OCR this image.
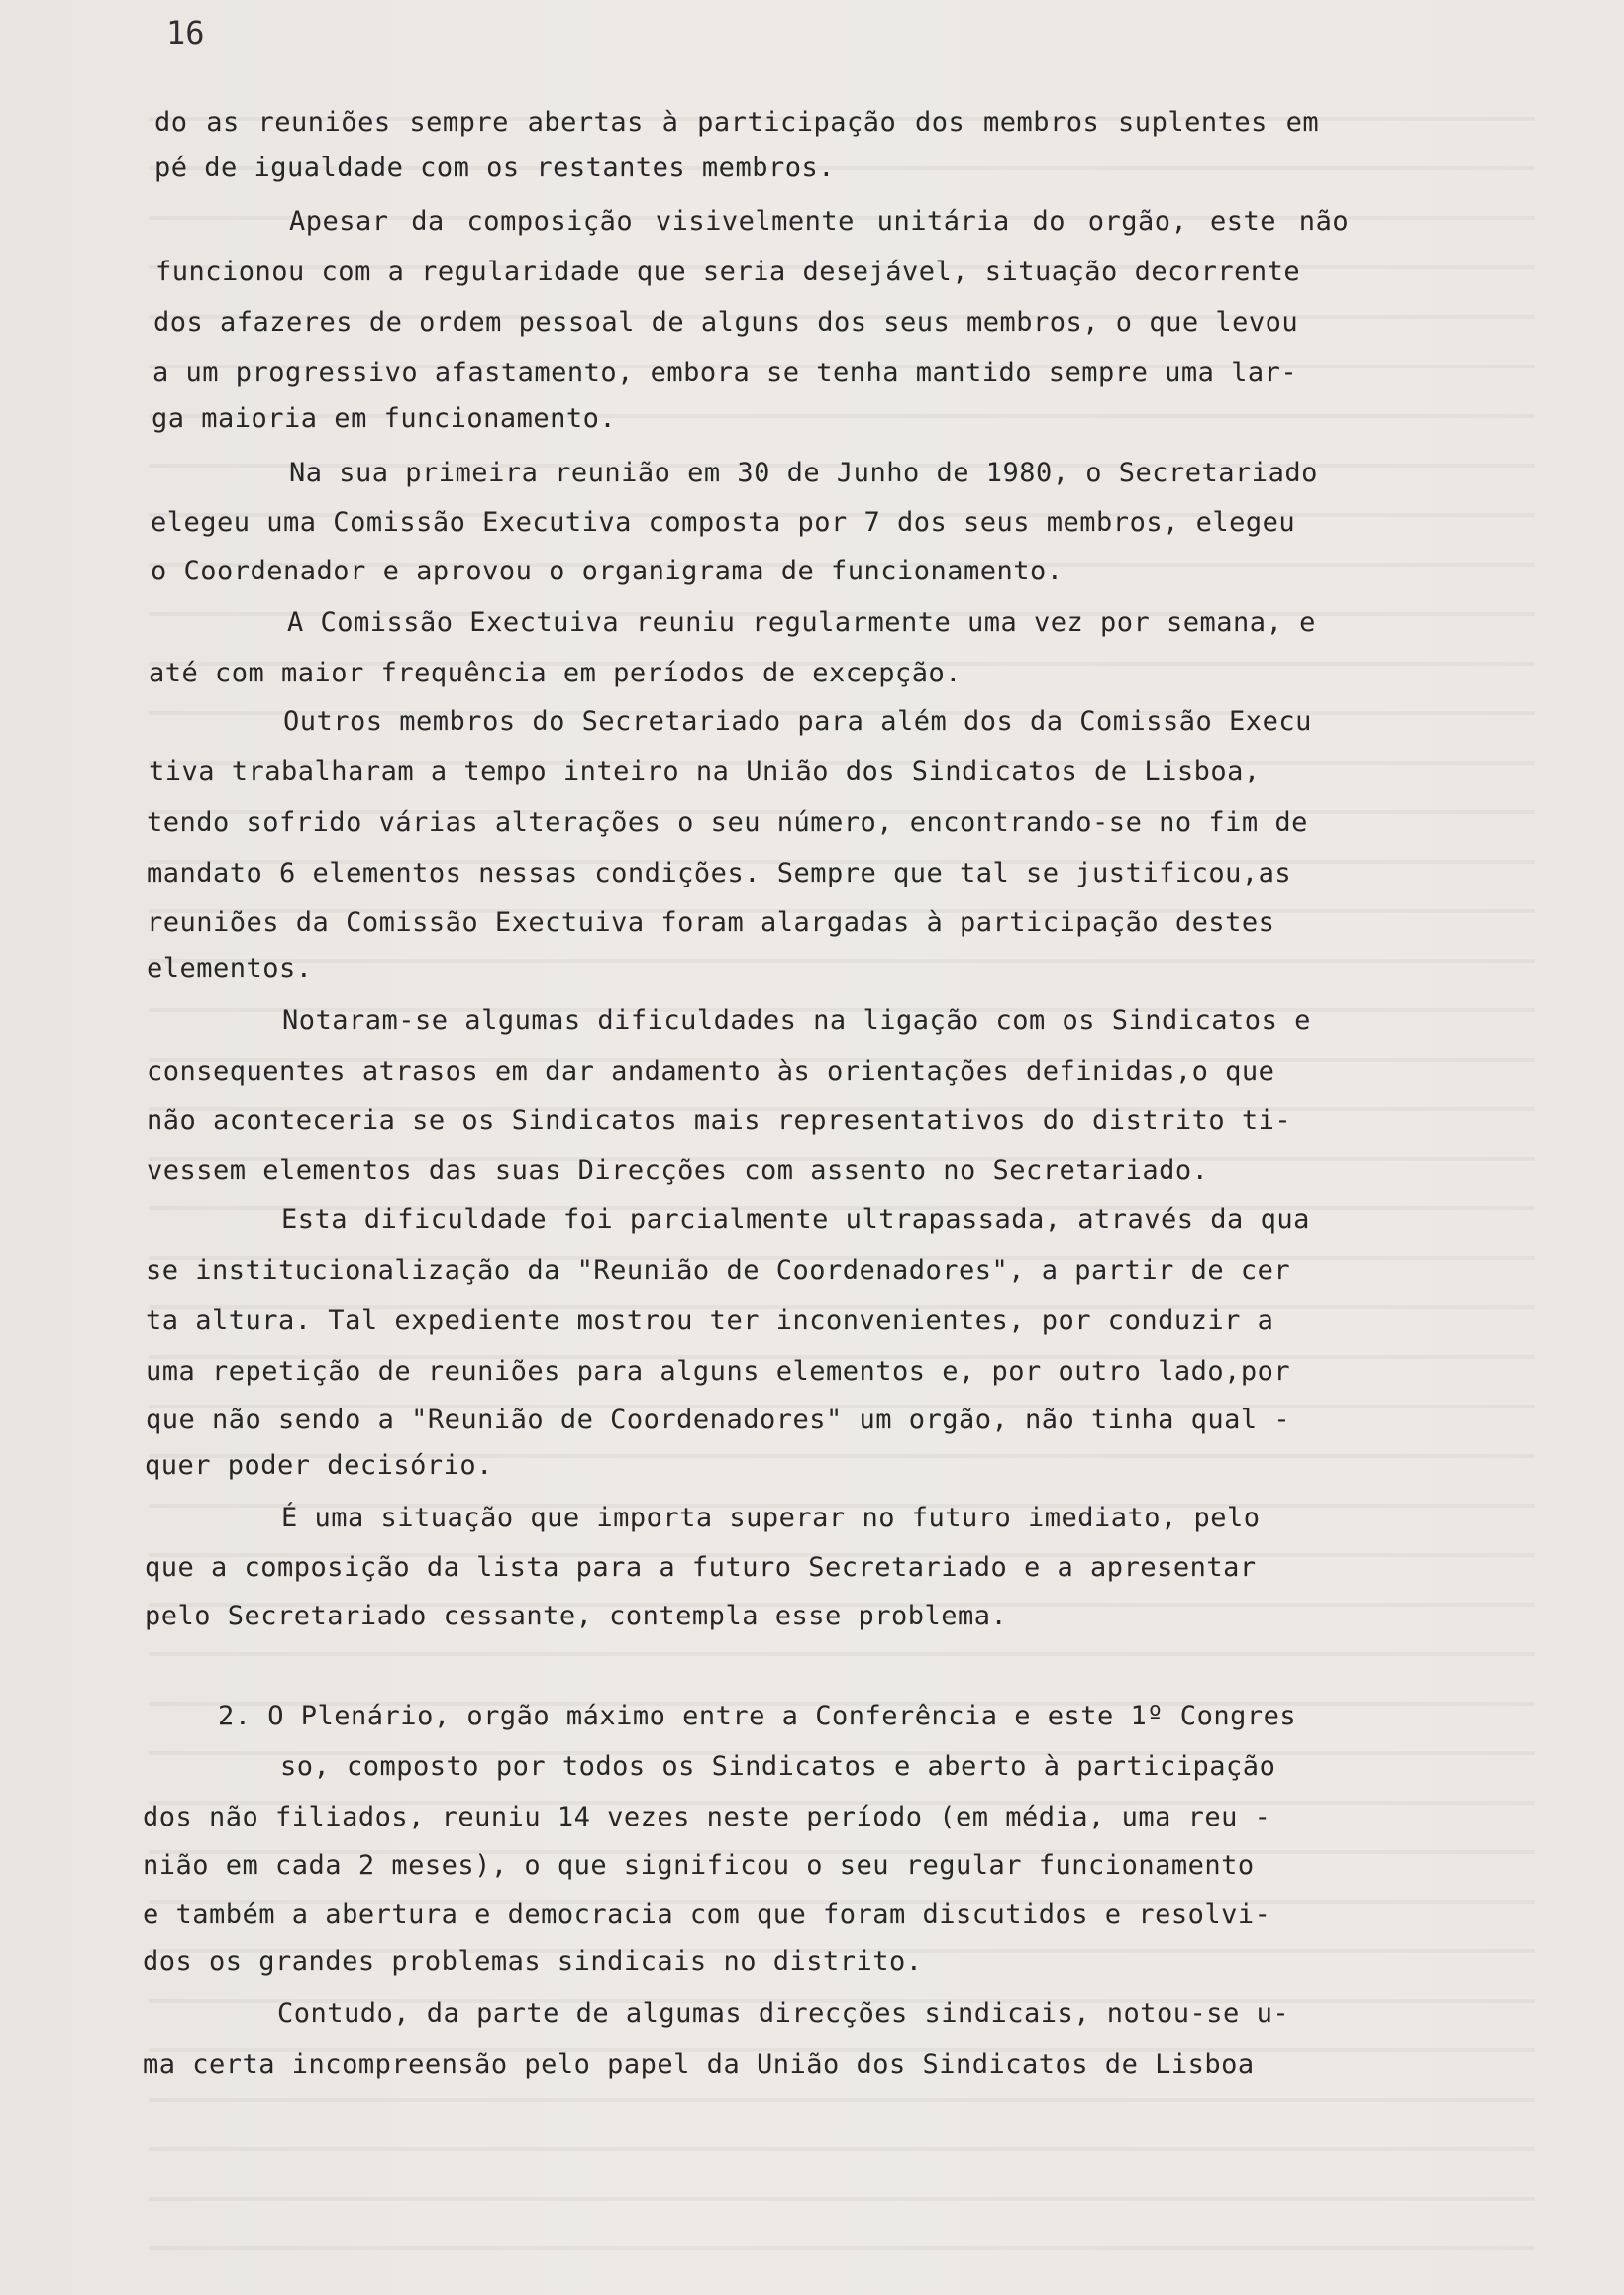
16
do as reuniões sempre abertas à participação dos membros suplentes em
pé de igualdade com os restantes membros.
Apesar da composição visivelmente unitária do orgão, este não
funcionou com a regularidade que seria desejável, situação decorrente
dos afazeres de ordem pessoal de alguns dos seus membros, o que levou
a um progressivo afastamento, embora se tenha mantido sempre uma lar-
ga maioria em funcionamento.
Na sua primeira reunião em 30 de Junho de 1980, o Secretariado
elegeu uma Comissão Executiva composta por 7 dos seus membros, elegeu
o Coordenador e aprovou o organigrama de funcionamento.
A Comissão Exectuiva reuniu regularmente uma vez por semana, e
até com maior frequência em períodos de excepção.
Outros membros do Secretariado para além dos da Comissão Execu
tiva trabalharam a tempo inteiro na União dos Sindicatos de Lisboa,
tendo sofrido várias alterações o seu número, encontrando-se no fim de
mandato 6 elementos nessas condições. Sempre que tal se justificou,as
reuniões da Comissão Exectuiva foram alargadas à participação destes
elementos.
Notaram-se algumas dificuldades na ligação com os Sindicatos e
consequentes atrasos em dar andamento às orientações definidas,o que
não aconteceria se os Sindicatos mais representativos do distrito ti-
vessem elementos das suas Direcções com assento no Secretariado.
Esta dificuldade foi parcialmente ultrapassada, através da qua
se institucionalização da "Reunião de Coordenadores", a partir de cer
ta altura. Tal expediente mostrou ter inconvenientes, por conduzir a
uma repetição de reuniões para alguns elementos e, por outro lado,por
que não sendo a "Reunião de Coordenadores" um orgão, não tinha qual -
quer poder decisório.
É uma situação que importa superar no futuro imediato, pelo
que a composição da lista para a futuro Secretariado e a apresentar
pelo Secretariado cessante, contempla esse problema.
2. O Plenário, orgão máximo entre a Conferência e este 1º Congres
so, composto por todos os Sindicatos e aberto à participação
dos não filiados, reuniu 14 vezes neste período (em média, uma reu -
nião em cada 2 meses), o que significou o seu regular funcionamento
e também a abertura e democracia com que foram discutidos e resolvi-
dos os grandes problemas sindicais no distrito.
Contudo, da parte de algumas direcções sindicais, notou-se u-
ma certa incompreensão pelo papel da União dos Sindicatos de Lisboa
